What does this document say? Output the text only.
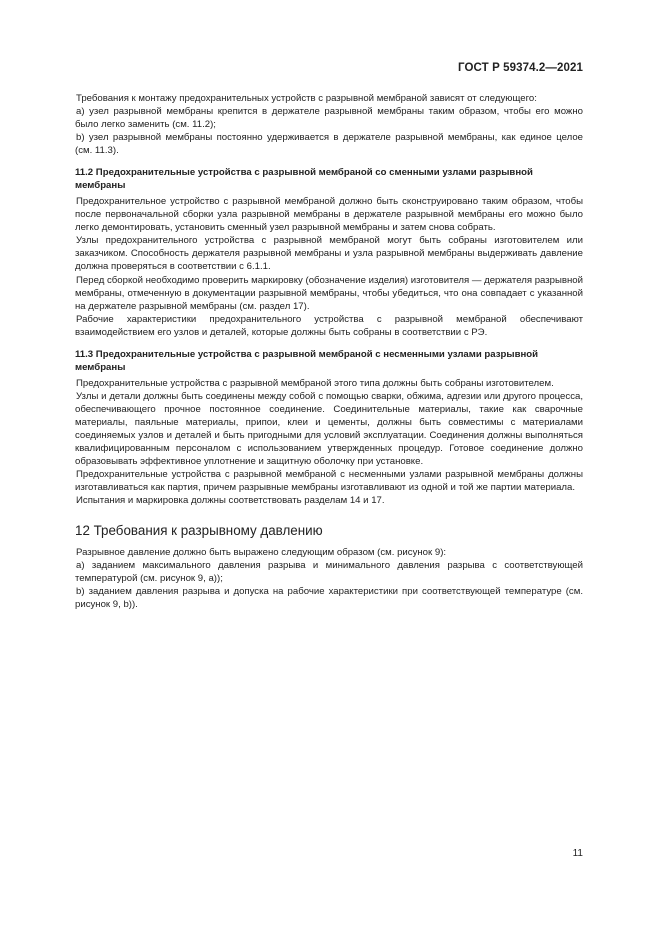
ГОСТ Р 59374.2—2021

Требования к монтажу предохранительных устройств с разрывной мембраной зависят от следующего:

a) узел разрывной мембраны крепится в держателе разрывной мембраны таким образом, чтобы его можно было легко заменить (см. 11.2);

b) узел разрывной мембраны постоянно удерживается в держателе разрывной мембраны, как единое целое (см. 11.3).

11.2 Предохранительные устройства с разрывной мембраной со сменными узлами разрывной мембраны

Предохранительное устройство с разрывной мембраной должно быть сконструировано таким образом, чтобы после первоначальной сборки узла разрывной мембраны в держателе разрывной мембраны его можно было легко демонтировать, установить сменный узел разрывной мембраны и затем снова собрать.

Узлы предохранительного устройства с разрывной мембраной могут быть собраны изготовителем или заказчиком. Способность держателя разрывной мембраны и узла разрывной мембраны выдерживать давление должна проверяться в соответствии с 6.1.1.

Перед сборкой необходимо проверить маркировку (обозначение изделия) изготовителя — держателя разрывной мембраны, отмеченную в документации разрывной мембраны, чтобы убедиться, что она совпадает с указанной на держателе разрывной мембраны (см. раздел 17).

Рабочие характеристики предохранительного устройства с разрывной мембраной обеспечивают взаимодействием его узлов и деталей, которые должны быть собраны в соответствии с РЭ.

11.3 Предохранительные устройства с разрывной мембраной с несменными узлами разрывной мембраны

Предохранительные устройства с разрывной мембраной этого типа должны быть собраны изготовителем.

Узлы и детали должны быть соединены между собой с помощью сварки, обжима, адгезии или другого процесса, обеспечивающего прочное постоянное соединение. Соединительные материалы, такие как сварочные материалы, паяльные материалы, припои, клеи и цементы, должны быть совместимы с материалами соединяемых узлов и деталей и быть пригодными для условий эксплуатации. Соединения должны выполняться квалифицированным персоналом с использованием утвержденных процедур. Готовое соединение должно образовывать эффективное уплотнение и защитную оболочку при установке.

Предохранительные устройства с разрывной мембраной с несменными узлами разрывной мембраны должны изготавливаться как партия, причем разрывные мембраны изготавливают из одной и той же партии материала.

Испытания и маркировка должны соответствовать разделам 14 и 17.

12 Требования к разрывному давлению

Разрывное давление должно быть выражено следующим образом (см. рисунок 9):

a) заданием максимального давления разрыва и минимального давления разрыва с соответствующей температурой (см. рисунок 9, a));

b) заданием давления разрыва и допуска на рабочие характеристики при соответствующей температуре (см. рисунок 9, b)).

11
